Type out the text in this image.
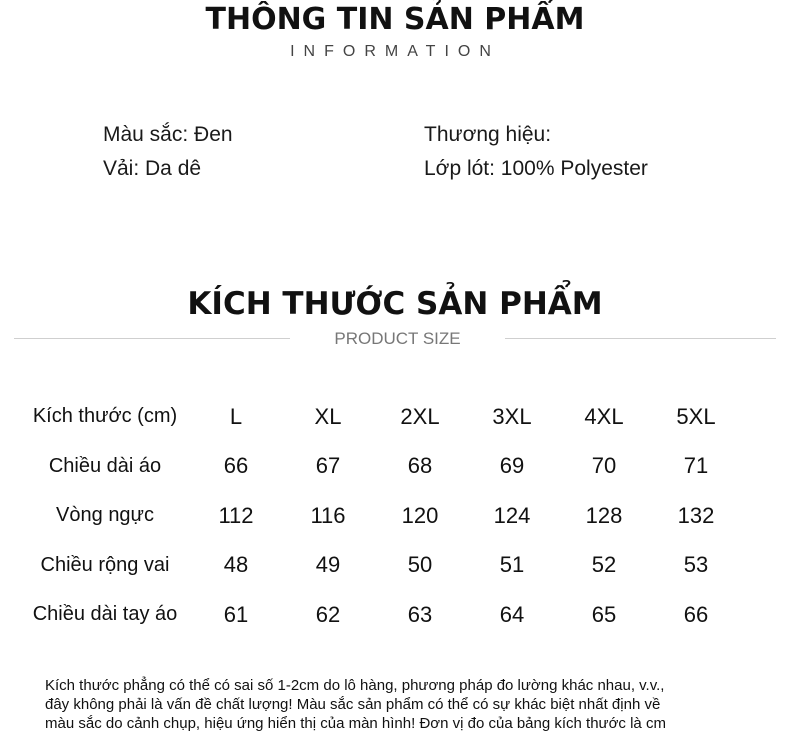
THÔNG TIN SẢN PHẨM
INFORMATION
Màu sắc: Đen
Vải: Da dê
Thương hiệu:
Lớp lót: 100% Polyester
KÍCH THƯỚC SẢN PHẨM
PRODUCT SIZE
Kích thước (cm)	L	XL	2XL	3XL	4XL	5XL
Chiều dài áo	66	67	68	69	70	71
Vòng ngực	112	116	120	124	128	132
Chiều rộng vai	48	49	50	51	52	53
Chiều dài tay áo	61	62	63	64	65	66
Kích thước phẳng có thể có sai số 1-2cm do lô hàng, phương pháp đo lường khác nhau, v.v.,
đây không phải là vấn đề chất lượng! Màu sắc sản phẩm có thể có sự khác biệt nhất định về
màu sắc do cảnh chụp, hiệu ứng hiển thị của màn hình! Đơn vị đo của bảng kích thước là cm
